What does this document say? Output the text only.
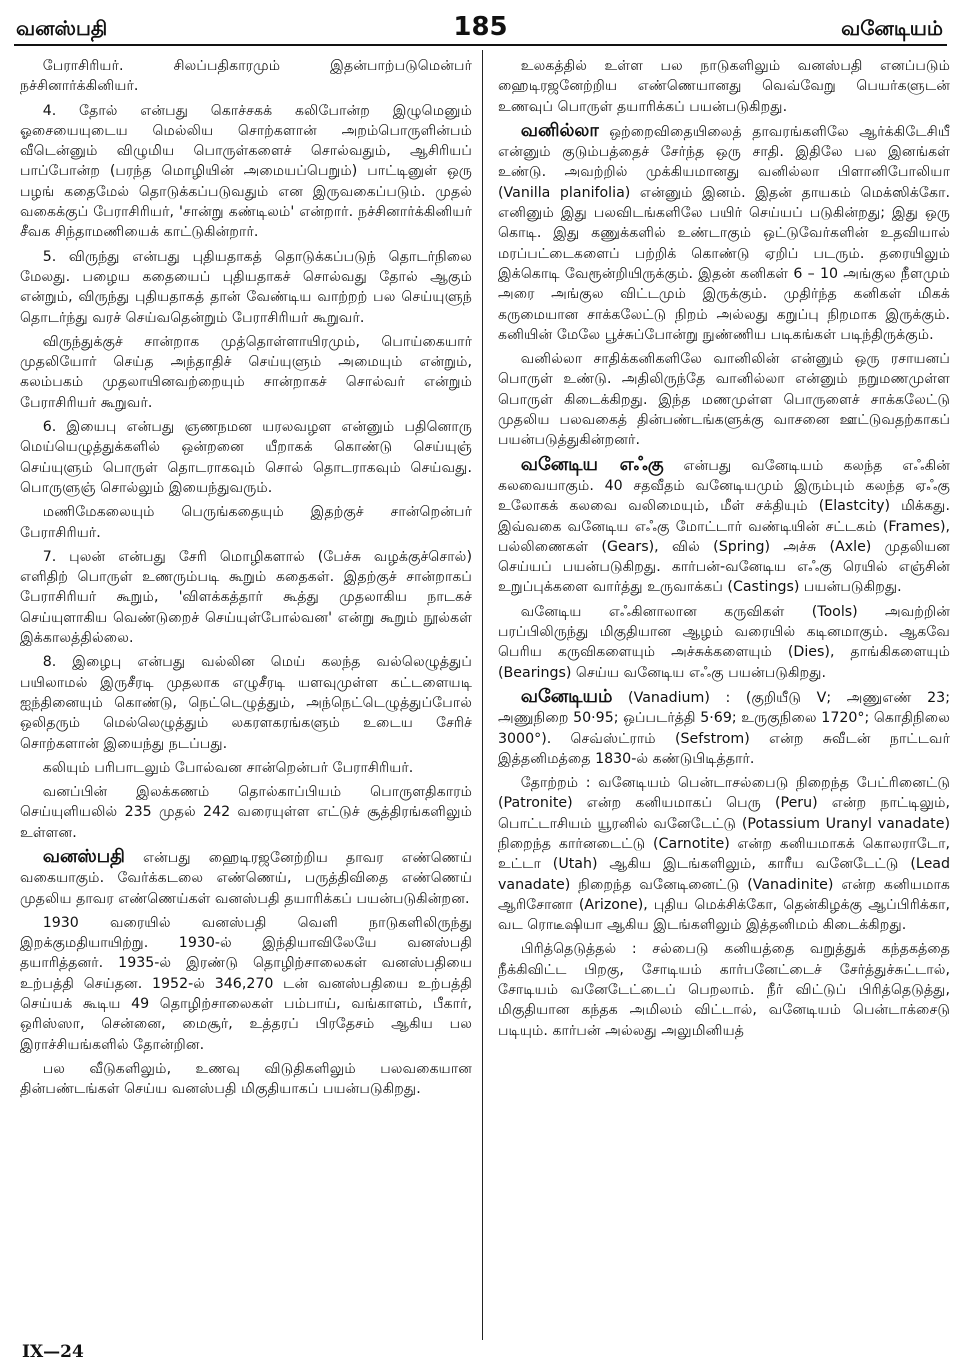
வனஸ்பதி	185	வனேடியம்

பேராசிரியர். சிலப்பதிகாரமும் இதன்பாற்படுமென்பர் நச்சினார்க்கினியர்.

4. தோல் என்பது கொச்சகக் கலிபோன்ற இழுமெனும் ஓசையையுடைய மெல்லிய சொற்களான் அறம்பொருளின்பம் வீடென்னும் விழுமிய பொருள்களைச் சொல்வதும், ஆசிரியப் பாப்போன்ற (பரந்த மொழியின் அமையப்பெறும்) பாட்டினுள் ஒரு பழங் கதைமேல் தொடுக்கப்படுவதும் என இருவகைப்படும். முதல் வகைக்குப் பேராசிரியர், 'சான்று கண்டிலம்' என்றார். நச்சினார்க்கினியர் சீவக சிந்தாமணியைக் காட்டுகின்றார்.

5. விருந்து என்பது புதியதாகத் தொடுக்கப்படுந் தொடர்நிலை மேலது. பழைய கதையைப் புதியதாகச் சொல்வது தோல் ஆகும் என்றும், விருந்து புதியதாகத் தான் வேண்டிய வாற்றற் பல செய்யுளுந் தொடர்ந்து வரச் செய்வதென்றும் பேராசிரியர் கூறுவர்.

விருந்துக்குச் சான்றாக முத்தொள்ளாயிரமும், பொய்கையார் முதலியோர் செய்த அந்தாதிச் செய்யுளும் அமையும் என்றும், கலம்பகம் முதலாயினவற்றையும் சான்றாகச் சொல்வர் என்றும் பேராசிரியர் கூறுவர்.

6. இயைபு என்பது ஞணநமன யரலவழள என்னும் பதினொரு மெய்யெழுத்துக்களில் ஒன்றனை யீறாகக் கொண்டு செய்யுஞ் செய்யுளும் பொருள் தொடராகவும் சொல் தொடராகவும் செய்வது. பொருளுஞ் சொல்லும் இயைந்துவரும்.

மணிமேகலையும் பெருங்கதையும் இதற்குச் சான்றென்பர் பேராசிரியர்.

7. புலன் என்பது சேரி மொழிகளால் (பேச்சு வழக்குச்சொல்) எளிதிற் பொருள் உணரும்படி கூறும் கதைகள். இதற்குச் சான்றாகப் பேராசிரியர் கூறும், 'விளக்கத்தார் கூத்து முதலாகிய நாடகச் செய்யுளாகிய வெண்டுறைச் செய்யுள்போல்வன' என்று கூறும் நூல்கள் இக்காலத்தில்லை.

8. இழைபு என்பது வல்லின மெய் கலந்த வல்லெழுத்துப் பயிலாமல் இருசீரடி முதலாக எழுசீரடி யளவுமுள்ள கட்டளையடி ஐந்தினையும் கொண்டு, நெட்டெழுத்தும், அந்நெட்டெழுத்துப்போல் ஒலிதரும் மெல்லெழுத்தும் லகரளகரங்களும் உடைய சேரிச் சொற்களான் இயைந்து நடப்பது.

கலியும் பரிபாடலும் போல்வன சான்றென்பர் பேராசிரியர்.

வனப்பின் இலக்கணம் தொல்காப்பியம் பொருளதிகாரம் செய்யுளியலில் 235 முதல் 242 வரையுள்ள எட்டுச் சூத்திரங்களிலும் உள்ளன.

வனஸ்பதி என்பது ஹைடிரஜனேற்றிய தாவர எண்ணெய் வகையாகும். வேர்க்கடலை எண்ணெய், பருத்திவிதை எண்ணெய் முதலிய தாவர எண்ணெய்கள் வனஸ்பதி தயாரிக்கப் பயன்படுகின்றன.

1930 வரையில் வனஸ்பதி வெளி நாடுகளிலிருந்து இறக்குமதியாயிற்று. 1930-ல் இந்தியாவிலேயே வனஸ்பதி தயாரித்தனர். 1935-ல் இரண்டு தொழிற்சாலைகள் வனஸ்பதியை உற்பத்தி செய்தன. 1952-ல் 346,270 டன் வனஸ்பதியை உற்பத்தி செய்யக் கூடிய 49 தொழிற்சாலைகள் பம்பாய், வங்காளம், பீகார், ஒரிஸ்ஸா, சென்னை, மைசூர், உத்தரப் பிரதேசம் ஆகிய பல இராச்சியங்களில் தோன்றின.

பல வீடுகளிலும், உணவு விடுதிகளிலும் பலவகையான தின்பண்டங்கள் செய்ய வனஸ்பதி மிகுதியாகப் பயன்படுகிறது.

உலகத்தில் உள்ள பல நாடுகளிலும் வனஸ்பதி எனப்படும் ஹைடிரஜனேற்றிய எண்ணெயானது வெவ்வேறு பெயர்களுடன் உணவுப் பொருள் தயாரிக்கப் பயன்படுகிறது.

வனில்லா ஒற்றைவிதையிலைத் தாவரங்களிலே ஆர்க்கிடேசியீ என்னும் குடும்பத்தைச் சேர்ந்த ஒரு சாதி. இதிலே பல இனங்கள் உண்டு. அவற்றில் முக்கியமானது வனில்லா பிளானிபோலியா (Vanilla planifolia) என்னும் இனம். இதன் தாயகம் மெக்ஸிக்கோ. எனினும் இது பலவிடங்களிலே பயிர் செய்யப் படுகின்றது; இது ஒரு கொடி. இது கணுக்களில் உண்டாகும் ஒட்டுவேர்களின் உதவியால் மரப்பட்டைகளைப் பற்றிக் கொண்டு ஏறிப் படரும். தரையிலும் இக்கொடி வேரூன்றியிருக்கும். இதன் கனிகள் 6 – 10 அங்குல நீளமும் அரை அங்குல விட்டமும் இருக்கும். முதிர்ந்த கனிகள் மிகக் கருமையான சாக்கலேட்டு நிறம் அல்லது கறுப்பு நிறமாக இருக்கும். கனியின் மேலே பூச்சுப்போன்று நுண்ணிய படிகங்கள் படிந்திருக்கும்.

வனில்லா சாதிக்கனிகளிலே வானிலின் என்னும் ஒரு ரசாயனப் பொருள் உண்டு. அதிலிருந்தே வானில்லா என்னும் நறுமணமுள்ள பொருள் கிடைக்கிறது. இந்த மணமுள்ள பொருளைச் சாக்கலேட்டு முதலிய பலவகைத் தின்பண்டங்களுக்கு வாசனை ஊட்டுவதற்காகப் பயன்படுத்துகின்றனர்.

வனேடிய எஃகு என்பது வனேடியம் கலந்த எஃகின் கலவையாகும். 40 சதவீதம் வனேடியமும் இரும்பும் கலந்த ஏஃகு உலோகக் கலவை வலிமையும், மீள் சக்தியும் (Elastcity) மிக்கது. இவ்வகை வனேடிய எஃகு மோட்டார் வண்டியின் சட்டகம் (Frames), பல்லிணைகள் (Gears), வில் (Spring) அச்சு (Axle) முதலியன செய்யப் பயன்படுகிறது. கார்பன்-வனேடிய எஃகு ரெயில் எஞ்சின் உறுப்புக்களை வார்த்து உருவாக்கப் (Castings) பயன்படுகிறது.

வனேடிய எஃகினாலான கருவிகள் (Tools) அவற்றின் பரப்பிலிருந்து மிகுதியான ஆழம் வரையில் கடினமாகும். ஆகவே பெரிய கருவிகளையும் அச்சுக்களையும் (Dies), தாங்கிகளையும் (Bearings) செய்ய வனேடிய எஃகு பயன்படுகிறது.

வனேடியம் (Vanadium) : (குறியீடு V; அணுஎண் 23; அணுநிறை 50·95; ஒப்படர்த்தி 5·69; உருகுநிலை 1720°; கொதிநிலை 3000°). செவ்ஸ்ட்ராம் (Sefstrom) என்ற சுவீடன் நாட்டவர் இத்தனிமத்தை 1830-ல் கண்டுபிடித்தார்.

தோற்றம் : வனேடியம் பென்டாசல்பைடு நிறைந்த பேட்ரினைட்டு (Patronite) என்ற கனியமாகப் பெரு (Peru) என்ற நாட்டிலும், பொட்டாசியம் யூரனில் வனேடேட்டு (Potassium Uranyl vanadate) நிறைந்த கார்னடைட்டு (Carnotite) என்ற கனியமாகக் கொலராடோ, உட்டா (Utah) ஆகிய இடங்களிலும், காரீய வனேடேட்டு (Lead vanadate) நிறைந்த வனேடினைட்டு (Vanadinite) என்ற கனியமாக ஆரிசோனா (Arizone), புதிய மெக்சிக்கோ, தென்கிழக்கு ஆப்பிரிக்கா, வட ரொடீஷியா ஆகிய இடங்களிலும் இத்தனிமம் கிடைக்கிறது.

பிரித்தெடுத்தல் : சல்பைடு கனியத்தை வறுத்துக் கந்தகத்தை நீக்கிவிட்ட பிறகு, சோடியம் கார்பனேட்டைச் சேர்த்துச்சுட்டால், சோடியம் வனேடேட்டைப் பெறலாம். நீர் விட்டுப் பிரித்தெடுத்து, மிகுதியான கந்தக அமிலம் விட்டால், வனேடியம் பென்டாக்சைடு படியும். கார்பன் அல்லது அலுமினியத்

IX—24
